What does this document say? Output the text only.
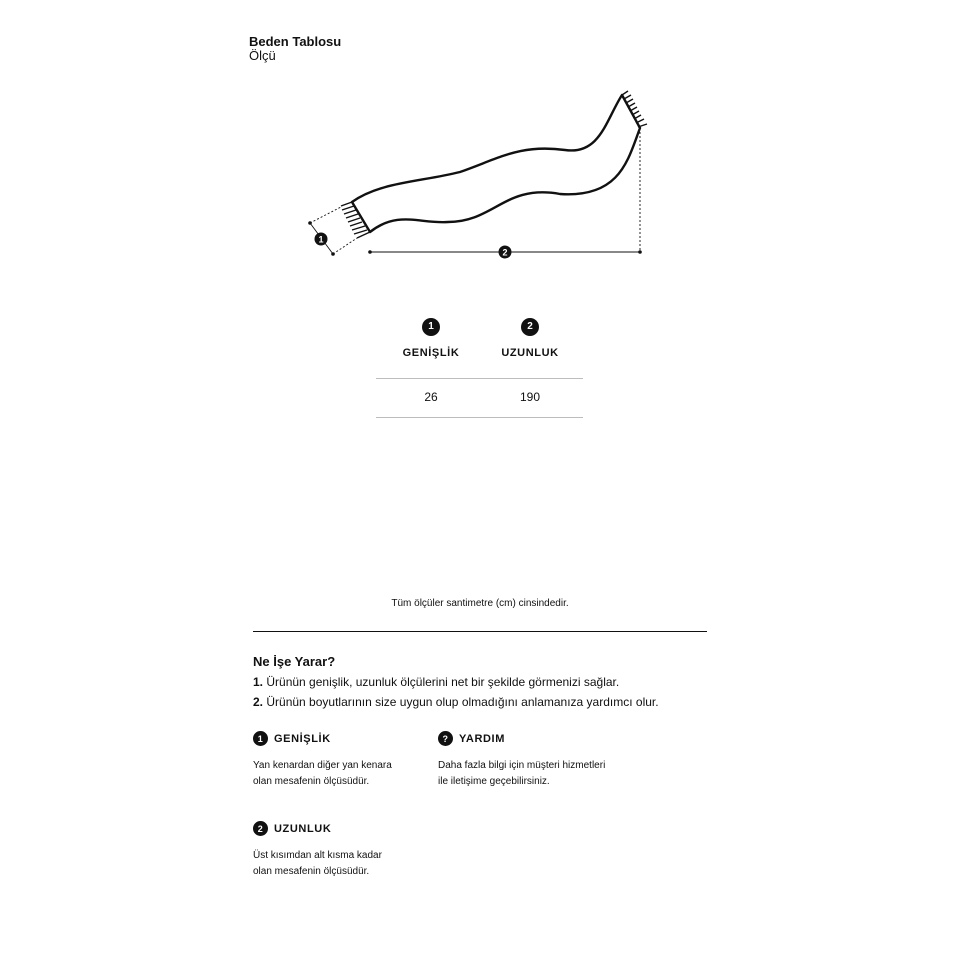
Beden Tablosu
Ölçü
1
2
1	2
GENİŞLİK	UZUNLUK
26	190
Tüm ölçüler santimetre (cm) cinsindedir.
Ne İşe Yarar?
1. Ürünün genişlik, uzunluk ölçülerini net bir şekilde görmenizi sağlar.
2. Ürünün boyutlarının size uygun olup olmadığını anlamanıza yardımcı olur.
1 GENİŞLİK
Yan kenardan diğer yan kenara
olan mesafenin ölçüsüdür.
? YARDIM
Daha fazla bilgi için müşteri hizmetleri
ile iletişime geçebilirsiniz.
2 UZUNLUK
Üst kısımdan alt kısma kadar
olan mesafenin ölçüsüdür.
